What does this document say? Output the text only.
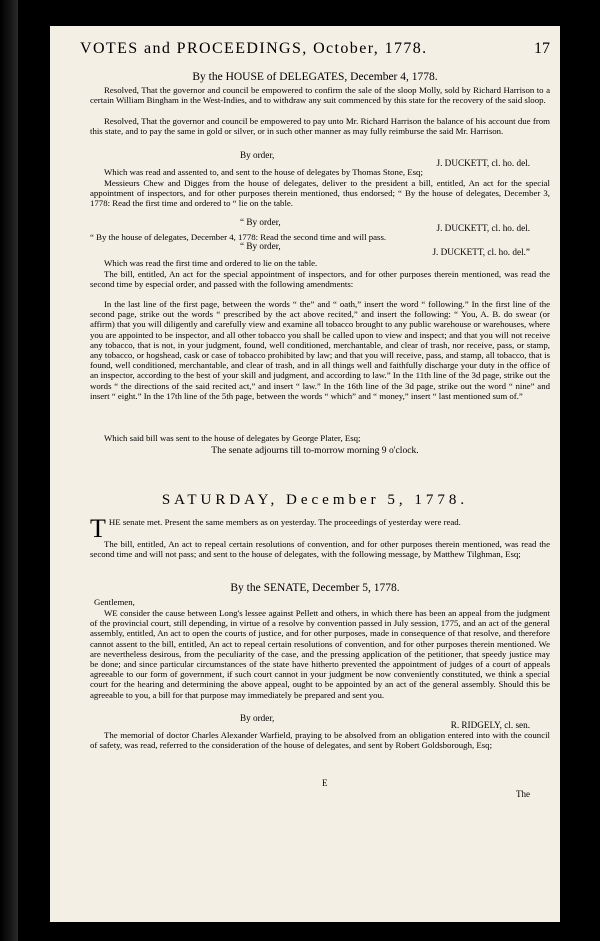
VOTES and PROCEEDINGS, October, 1778.	17
By the HOUSE of DELEGATES, December 4, 1778.
Resolved, That the governor and council be empowered to confirm the sale of the sloop Molly, sold by Richard Harrison to a certain William Bingham in the West-Indies, and to withdraw any suit commenced by this state for the recovery of the said sloop.
Resolved, That the governor and council be empowered to pay unto Mr. Richard Harrison the balance of his account due from this state, and to pay the same in gold or silver, or in such other manner as may fully reimburse the said Mr. Harrison.
By order,
J. DUCKETT, cl. ho. del.
Which was read and assented to, and sent to the house of delegates by Thomas Stone, Esq;
Messieurs Chew and Digges from the house of delegates, deliver to the president a bill, entitled, An act for the special appointment of inspectors, and for other purposes therein mentioned, thus endorsed; “ By the house of delegates, December 3, 1778: Read the first time and ordered to “ lie on the table.
“ By order,
J. DUCKETT, cl. ho. del.
“ By the house of delegates, December 4, 1778: Read the second time and will pass.
“ By order,
J. DUCKETT, cl. ho. del.”
Which was read the first time and ordered to lie on the table.
The bill, entitled, An act for the special appointment of inspectors, and for other purposes therein mentioned, was read the second time by especial order, and passed with the following amendments:
In the last line of the first page, between the words “ the” and “ oath,” insert the word “ following.” In the first line of the second page, strike out the words “ prescribed by the act above recited,” and insert the following: “ You, A. B. do swear (or affirm) that you will diligently and carefully view and examine all tobacco brought to any public warehouse or warehouses, where you are appointed to be inspector, and all other tobacco you shall be called upon to view and inspect; and that you will not receive any tobacco, that is not, in your judgment, found, well conditioned, merchantable, and clear of trash, nor receive, pass, or stamp, any tobacco, or hogshead, cask or case of tobacco prohibited by law; and that you will receive, pass, and stamp, all tobacco, that is found, well conditioned, merchantable, and clear of trash, and in all things well and faithfully discharge your duty in the office of an inspector, according to the best of your skill and judgment, and according to law.” In the 11th line of the 3d page, strike out the words “ the directions of the said recited act,” and insert “ law.” In the 16th line of the 3d page, strike out the word “ nine” and insert “ eight.” In the 17th line of the 5th page, between the words “ which” and “ money,” insert “ last mentioned sum of.”
Which said bill was sent to the house of delegates by George Plater, Esq;
The senate adjourns till to-morrow morning 9 o'clock.
SATURDAY, December 5, 1778.
THE senate met. Present the same members as on yesterday. The proceedings of yesterday were read.
The bill, entitled, An act to repeal certain resolutions of convention, and for other purposes therein mentioned, was read the second time and will not pass; and sent to the house of delegates, with the following message, by Matthew Tilghman, Esq;
By the SENATE, December 5, 1778.
Gentlemen,
WE consider the cause between Long's lessee against Pellett and others, in which there has been an appeal from the judgment of the provincial court, still depending, in virtue of a resolve by convention passed in July session, 1775, and an act of the general assembly, entitled, An act to open the courts of justice, and for other purposes, made in consequence of that resolve, and therefore cannot assent to the bill, entitled, An act to repeal certain resolutions of convention, and for other purposes therein mentioned. We are nevertheless desirous, from the peculiarity of the case, and the pressing application of the petitioner, that speedy justice may be done; and since particular circumstances of the state have hitherto prevented the appointment of judges of a court of appeals agreeable to our form of government, if such court cannot in your judgment be now conveniently constituted, we think a special court for the hearing and determining the above appeal, ought to be appointed by an act of the general assembly. Should this be agreeable to you, a bill for that purpose may immediately be prepared and sent you.
By order,
R. RIDGELY, cl. sen.
The memorial of doctor Charles Alexander Warfield, praying to be absolved from an obligation entered into with the council of safety, was read, referred to the consideration of the house of delegates, and sent by Robert Goldsborough, Esq;
E
The
